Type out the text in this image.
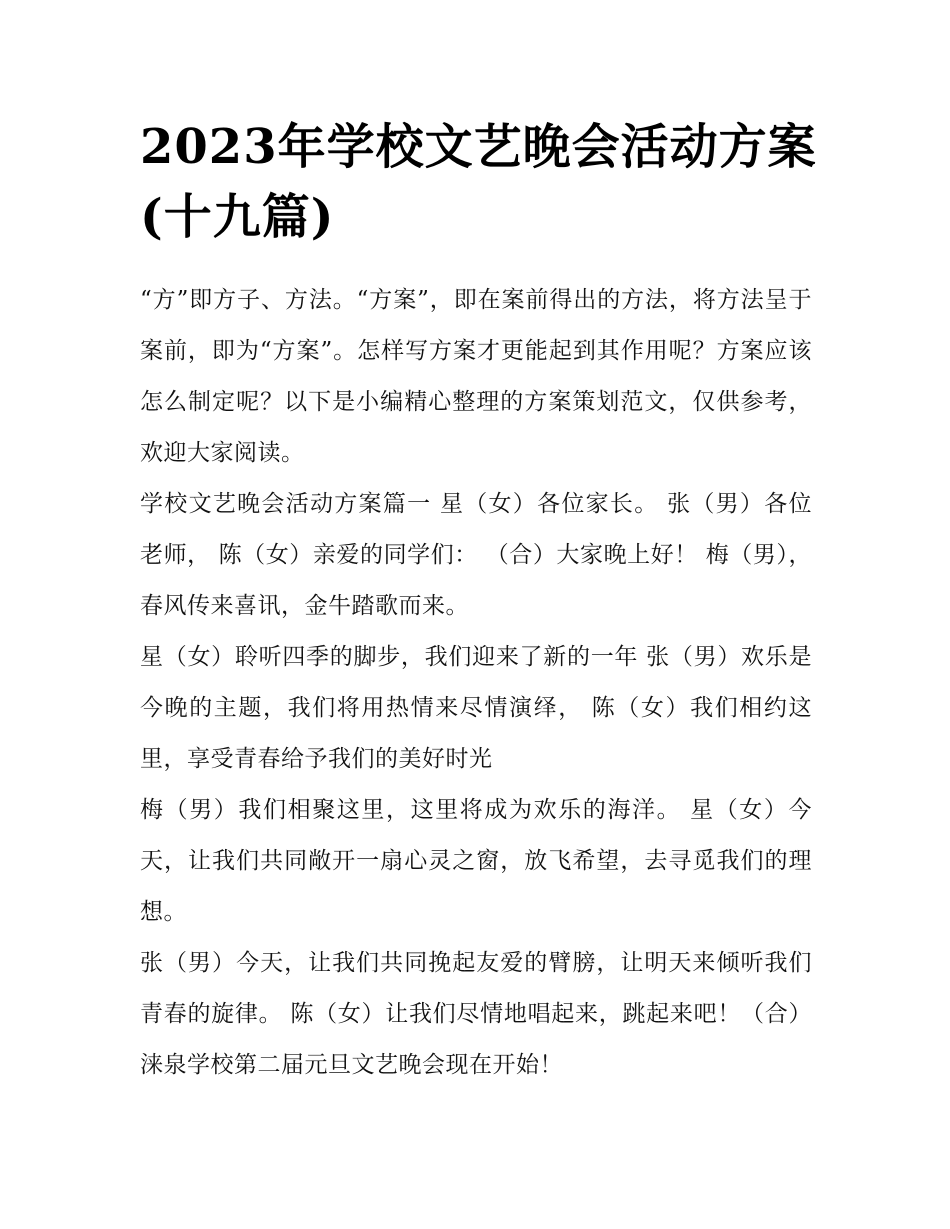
2023年学校文艺晚会活动方案(十九篇)

“方”即方子、方法。“方案”，即在案前得出的方法，将方法呈于案前，即为“方案”。怎样写方案才更能起到其作用呢？方案应该怎么制定呢？以下是小编精心整理的方案策划范文，仅供参考，欢迎大家阅读。

学校文艺晚会活动方案篇一 星（女）各位家长。 张（男）各位老师， 陈（女）亲爱的同学们： （合）大家晚上好！ 梅（男），春风传来喜讯，金牛踏歌而来。

星（女）聆听四季的脚步，我们迎来了新的一年 张（男）欢乐是今晚的主题，我们将用热情来尽情演绎， 陈（女）我们相约这里，享受青春给予我们的美好时光

梅（男）我们相聚这里，这里将成为欢乐的海洋。 星（女）今天，让我们共同敞开一扇心灵之窗，放飞希望，去寻觅我们的理想。

张（男）今天，让我们共同挽起友爱的臂膀，让明天来倾听我们青春的旋律。 陈（女）让我们尽情地唱起来，跳起来吧！（合）涞泉学校第二届元旦文艺晚会现在开始！
